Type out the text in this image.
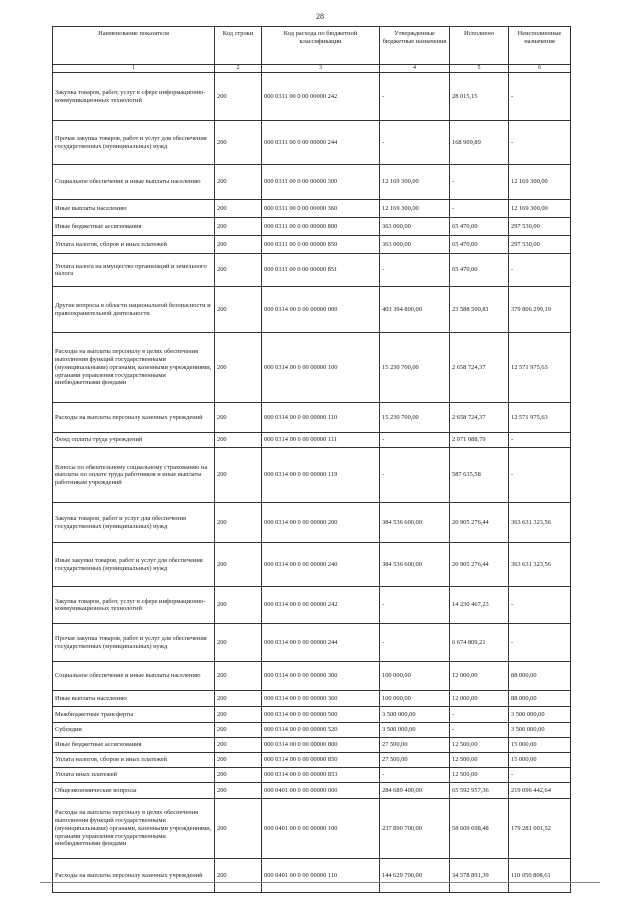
28
Наименование показателя	Код строки	Код расхода по бюджетной классификации	Утвержденные бюджетные назначения	Исполнено	Неисполненные назначения
1	2	3	4	5	6
Закупка товаров, работ, услуг в сфере информационно-коммуникационных технологий	200	000 0311 00 0 00 00000 242	-	28 015,15	-
Прочая закупка товаров, работ и услуг для обеспечения государственных (муниципальных) нужд	200	000 0311 00 0 00 00000 244	-	168 909,89	-
Социальное обеспечение и иные выплаты населению	200	000 0311 00 0 00 00000 300	12 169 300,00	-	12 169 300,00
Иные выплаты населению	200	000 0311 00 0 00 00000 360	12 169 300,00	-	12 169 300,00
Иные бюджетные ассигнования	200	000 0311 00 0 00 00000 800	363 000,00	65 470,00	297 530,00
Уплата налогов, сборов и иных платежей	200	000 0311 00 0 00 00000 850	363 000,00	65 470,00	297 530,00
Уплата налога на имущество организаций и земельного налога	200	000 0311 00 0 00 00000 851	-	65 470,00	-
Другие вопросы в области национальной безопасности и правоохранительной деятельности	200	000 0314 00 0 00 00000 000	403 394 800,00	23 588 500,81	379 806 299,19
Расходы на выплаты персоналу в целях обеспечения выполнения функций государственными (муниципальными) органами, казенными учреждениями, органами управления государственными внебюджетными фондами	200	000 0314 00 0 00 00000 100	15 230 700,00	2 658 724,37	12 571 975,63
Расходы на выплаты персоналу казенных учреждений	200	000 0314 00 0 00 00000 110	15 230 700,00	2 658 724,37	12 571 975,63
Фонд оплаты труда учреждений	200	000 0314 00 0 00 00000 111	-	2 071 088,79	-
Взносы по обязательному социальному страхованию на выплаты по оплате труда работников и иные выплаты работникам учреждений	200	000 0314 00 0 00 00000 119	-	587 635,58	-
Закупка товаров, работ и услуг для обеспечения государственных (муниципальных) нужд	200	000 0314 00 0 00 00000 200	384 536 600,00	20 905 276,44	363 631 323,56
Иные закупки товаров, работ и услуг для обеспечения государственных (муниципальных) нужд	200	000 0314 00 0 00 00000 240	384 536 600,00	20 905 276,44	363 631 323,56
Закупка товаров, работ, услуг в сфере информационно-коммуникационных технологий	200	000 0314 00 0 00 00000 242	-	14 230 467,23	-
Прочая закупка товаров, работ и услуг для обеспечения государственных (муниципальных) нужд	200	000 0314 00 0 00 00000 244	-	6 674 809,21	-
Социальное обеспечение и иные выплаты населению	200	000 0314 00 0 00 00000 300	100 000,00	12 000,00	88 000,00
Иные выплаты населению	200	000 0314 00 0 00 00000 360	100 000,00	12 000,00	88 000,00
Межбюджетные трансферты	200	000 0314 00 0 00 00000 500	3 500 000,00	-	3 500 000,00
Субсидии	200	000 0314 00 0 00 00000 520	3 500 000,00	-	3 500 000,00
Иные бюджетные ассигнования	200	000 0314 00 0 00 00000 800	27 500,00	12 500,00	15 000,00
Уплата налогов, сборов и иных платежей	200	000 0314 00 0 00 00000 850	27 500,00	12 500,00	15 000,00
Уплата иных платежей	200	000 0314 00 0 00 00000 853	-	12 500,00	-
Общеэкономические вопросы	200	000 0401 00 0 00 00000 000	284 689 400,00	65 592 957,36	219 096 442,64
Расходы на выплаты персоналу в целях обеспечения выполнения функций государственными (муниципальными) органами, казенными учреждениями, органами управления государственными внебюджетными фондами	200	000 0401 00 0 00 00000 100	237 890 700,00	58 609 698,48	179 281 001,52
Расходы на выплаты персоналу казенных учреждений	200	000 0401 00 0 00 00000 110	144 629 700,00	34 578 891,39	110 050 808,61
